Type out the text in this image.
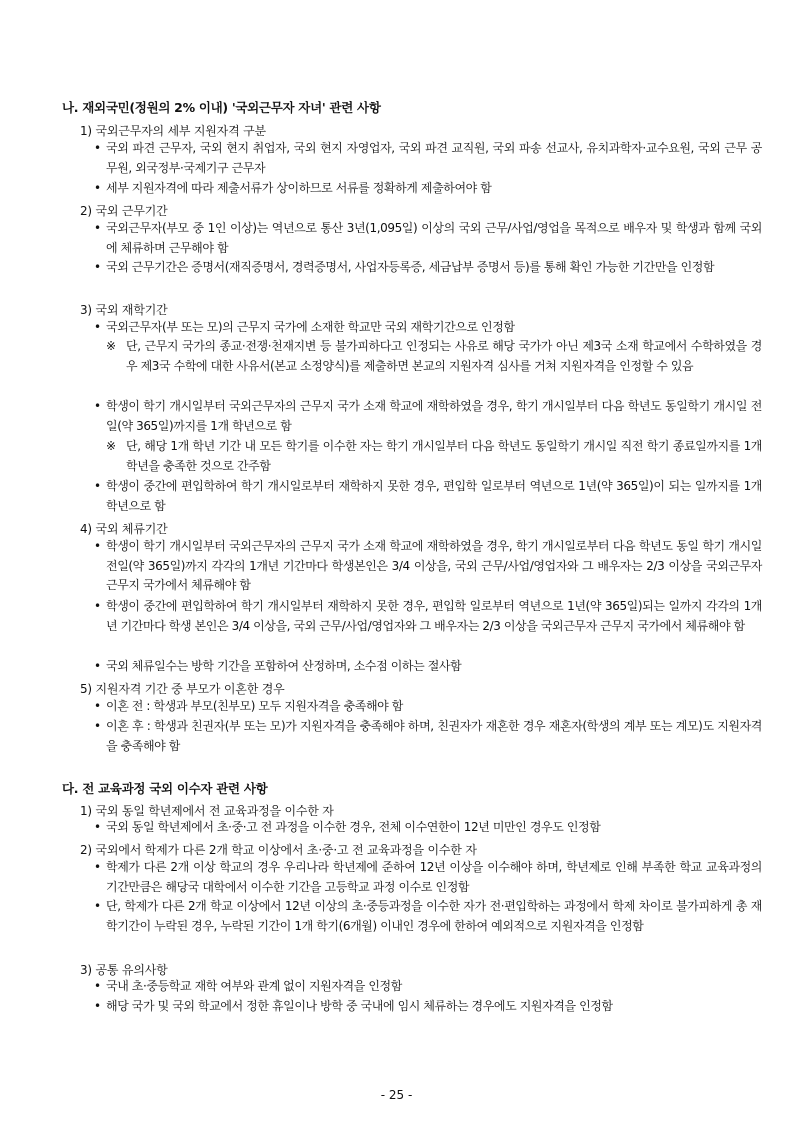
나. 재외국민(정원의 2% 이내) '국외근무자 자녀' 관련 사항
1) 국외근무자의 세부 지원자격 구분
• 국외 파견 근무자, 국외 현지 취업자, 국외 현지 자영업자, 국외 파견 교직원, 국외 파송 선교사, 유치과학자·교수요원, 국외 근무 공무원, 외국정부·국제기구 근무자
• 세부 지원자격에 따라 제출서류가 상이하므로 서류를 정확하게 제출하여야 함
2) 국외 근무기간
• 국외근무자(부모 중 1인 이상)는 역년으로 통산 3년(1,095일) 이상의 국외 근무/사업/영업을 목적으로 배우자 및 학생과 함께 국외에 체류하며 근무해야 함
• 국외 근무기간은 증명서(재직증명서, 경력증명서, 사업자등록증, 세금납부 증명서 등)를 통해 확인 가능한 기간만을 인정함
3) 국외 재학기간
• 국외근무자(부 또는 모)의 근무지 국가에 소재한 학교만 국외 재학기간으로 인정함
※ 단, 근무지 국가의 종교·전쟁·천재지변 등 불가피하다고 인정되는 사유로 해당 국가가 아닌 제3국 소재 학교에서 수학하였을 경우 제3국 수학에 대한 사유서(본교 소정양식)를 제출하면 본교의 지원자격 심사를 거쳐 지원자격을 인정할 수 있음
• 학생이 학기 개시일부터 국외근무자의 근무지 국가 소재 학교에 재학하였을 경우, 학기 개시일부터 다음 학년도 동일학기 개시일 전일(약 365일)까지를 1개 학년으로 함
※ 단, 해당 1개 학년 기간 내 모든 학기를 이수한 자는 학기 개시일부터 다음 학년도 동일학기 개시일 직전 학기 종료일까지를 1개 학년을 충족한 것으로 간주함
• 학생이 중간에 편입학하여 학기 개시일로부터 재학하지 못한 경우, 편입학 일로부터 역년으로 1년(약 365일)이 되는 일까지를 1개 학년으로 함
4) 국외 체류기간
• 학생이 학기 개시일부터 국외근무자의 근무지 국가 소재 학교에 재학하였을 경우, 학기 개시일로부터 다음 학년도 동일 학기 개시일 전일(약 365일)까지 각각의 1개년 기간마다 학생본인은 3/4 이상을, 국외 근무/사업/영업자와 그 배우자는 2/3 이상을 국외근무자 근무지 국가에서 체류해야 함
• 학생이 중간에 편입학하여 학기 개시일부터 재학하지 못한 경우, 편입학 일로부터 역년으로 1년(약 365일)되는 일까지 각각의 1개년 기간마다 학생 본인은 3/4 이상을, 국외 근무/사업/영업자와 그 배우자는 2/3 이상을 국외근무자 근무지 국가에서 체류해야 함
• 국외 체류일수는 방학 기간을 포함하여 산정하며, 소수점 이하는 절사함
5) 지원자격 기간 중 부모가 이혼한 경우
• 이혼 전 : 학생과 부모(친부모) 모두 지원자격을 충족해야 함
• 이혼 후 : 학생과 친권자(부 또는 모)가 지원자격을 충족해야 하며, 친권자가 재혼한 경우 재혼자(학생의 계부 또는 계모)도 지원자격을 충족해야 함
다. 전 교육과정 국외 이수자 관련 사항
1) 국외 동일 학년제에서 전 교육과정을 이수한 자
• 국외 동일 학년제에서 초·중·고 전 과정을 이수한 경우, 전체 이수연한이 12년 미만인 경우도 인정함
2) 국외에서 학제가 다른 2개 학교 이상에서 초·중·고 전 교육과정을 이수한 자
• 학제가 다른 2개 이상 학교의 경우 우리나라 학년제에 준하여 12년 이상을 이수해야 하며, 학년제로 인해 부족한 학교 교육과정의 기간만큼은 해당국 대학에서 이수한 기간을 고등학교 과정 이수로 인정함
• 단, 학제가 다른 2개 학교 이상에서 12년 이상의 초·중등과정을 이수한 자가 전·편입학하는 과정에서 학제 차이로 불가피하게 총 재학기간이 누락된 경우, 누락된 기간이 1개 학기(6개월) 이내인 경우에 한하여 예외적으로 지원자격을 인정함
3) 공통 유의사항
• 국내 초·중등학교 재학 여부와 관계 없이 지원자격을 인정함
• 해당 국가 및 국외 학교에서 정한 휴일이나 방학 중 국내에 임시 체류하는 경우에도 지원자격을 인정함
- 25 -
